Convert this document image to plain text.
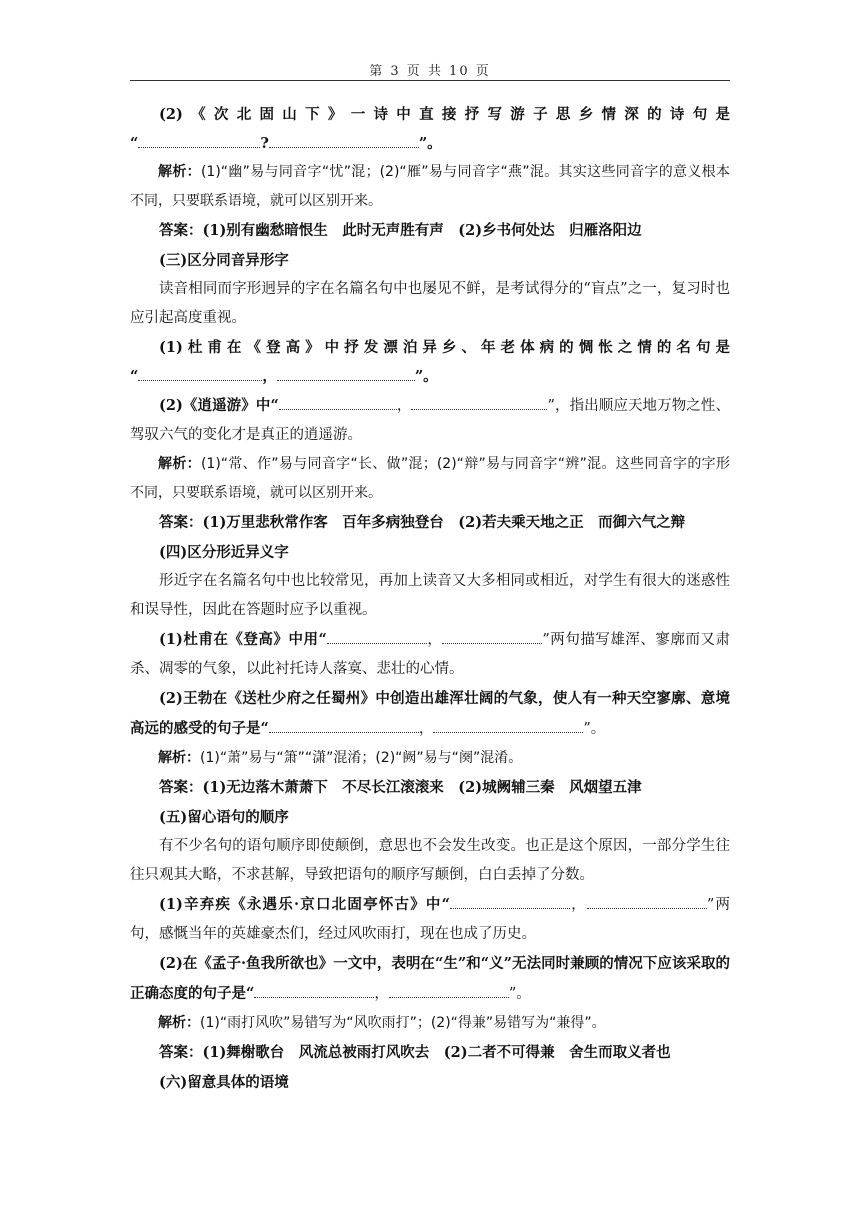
第 3 页 共 10 页

(2)《次北固山下》一诗中直接抒写游子思乡情深的诗句是

“	?	”。

解析：(1)“幽”易与同音字“忧”混；(2)“雁”易与同音字“燕”混。其实这些同音字的意义根本不同，只要联系语境，就可以区别开来。

答案：(1)别有幽愁暗恨生　此时无声胜有声　(2)乡书何处达　归雁洛阳边

(三)区分同音异形字

读音相同而字形迥异的字在名篇名句中也屡见不鲜，是考试得分的“盲点”之一，复习时也应引起高度重视。

(1)杜甫在《登高》中抒发漂泊异乡、年老体病的惆怅之情的名句是

“	，	”。

(2)《逍遥游》中“	，	”，指出顺应天地万物之性、驾驭六气的变化才是真正的逍遥游。

解析：(1)“常、作”易与同音字“长、做”混；(2)“辩”易与同音字“辨”混。这些同音字的字形不同，只要联系语境，就可以区别开来。

答案：(1)万里悲秋常作客　百年多病独登台　(2)若夫乘天地之正　而御六气之辩

(四)区分形近异义字

形近字在名篇名句中也比较常见，再加上读音又大多相同或相近，对学生有很大的迷惑性和误导性，因此在答题时应予以重视。

(1)杜甫在《登高》中用“	，	”两句描写雄浑、寥廓而又肃杀、凋零的气象，以此衬托诗人落寞、悲壮的心情。

(2)王勃在《送杜少府之任蜀州》中创造出雄浑壮阔的气象，使人有一种天空寥廓、意境高远的感受的句子是“	，	”。

解析：(1)“萧”易与“箫”“潇”混淆；(2)“阙”易与“阕”混淆。

答案：(1)无边落木萧萧下　不尽长江滚滚来　(2)城阙辅三秦　风烟望五津

(五)留心语句的顺序

有不少名句的语句顺序即使颠倒，意思也不会发生改变。也正是这个原因，一部分学生往往只观其大略，不求甚解，导致把语句的顺序写颠倒，白白丢掉了分数。

(1)辛弃疾《永遇乐·京口北固亭怀古》中“	，	”两句，感慨当年的英雄豪杰们，经过风吹雨打，现在也成了历史。

(2)在《孟子·鱼我所欲也》一文中，表明在“生”和“义”无法同时兼顾的情况下应该采取的正确态度的句子是“	，	”。

解析：(1)“雨打风吹”易错写为“风吹雨打”；(2)“得兼”易错写为“兼得”。

答案：(1)舞榭歌台　风流总被雨打风吹去　(2)二者不可得兼　舍生而取义者也

(六)留意具体的语境
